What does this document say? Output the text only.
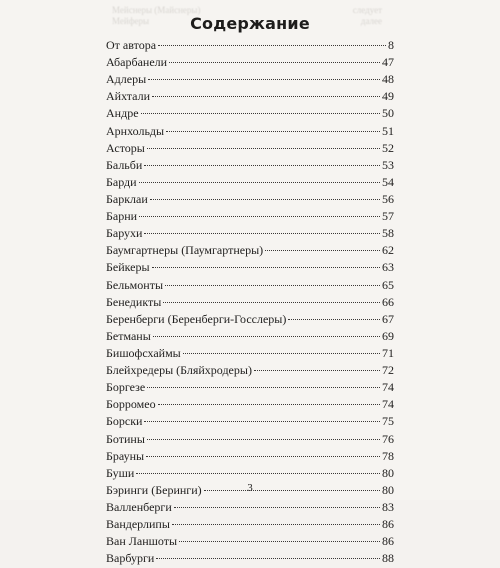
Мейснеры (Майснеры)	следует
Мейферы	далее
Содержание
От автора	8
Абарбанели	47
Адлеры	48
Айхтали	49
Андре	50
Арнхольды	51
Асторы	52
Бальби	53
Барди	54
Барклаи	56
Барни	57
Барухи	58
Баумгартнеры (Паумгартнеры)	62
Бейкеры	63
Бельмонты	65
Бенедикты	66
Беренберги (Беренберги-Госслеры)	67
Бетманы	69
Бишофсхаймы	71
Блейхредеры (Бляйхродеры)	72
Боргезе	74
Борромео	74
Борски	75
Ботины	76
Брауны	78
Буши	80
Бэринги (Беринги)	80
Валленберги	83
Вандерлипы	86
Ван Ланшоты	86
Варбурги	88
3
